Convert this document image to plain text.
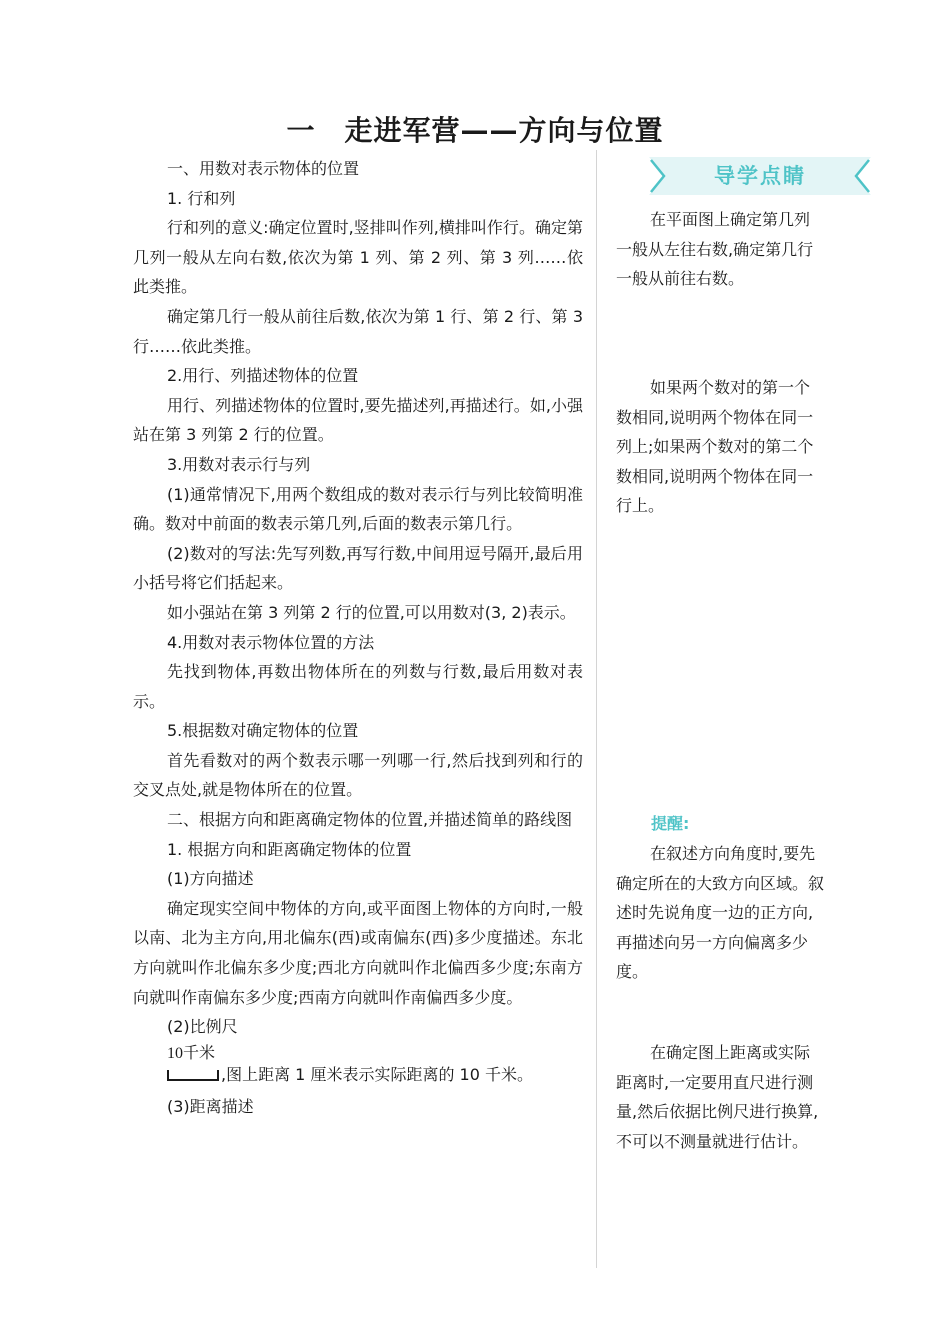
一　走进军营——方向与位置

一、用数对表示物体的位置

1. 行和列

行和列的意义:确定位置时,竖排叫作列,横排叫作行。确定第几列一般从左向右数,依次为第 1 列、第 2 列、第 3 列……依此类推。

确定第几行一般从前往后数,依次为第 1 行、第 2 行、第 3 行……依此类推。

2.用行、列描述物体的位置

用行、列描述物体的位置时,要先描述列,再描述行。如,小强站在第 3 列第 2 行的位置。

3.用数对表示行与列

(1)通常情况下,用两个数组成的数对表示行与列比较简明准确。数对中前面的数表示第几列,后面的数表示第几行。

(2)数对的写法:先写列数,再写行数,中间用逗号隔开,最后用小括号将它们括起来。

如小强站在第 3 列第 2 行的位置,可以用数对(3, 2)表示。

4.用数对表示物体位置的方法

先找到物体,再数出物体所在的列数与行数,最后用数对表示。

5.根据数对确定物体的位置

首先看数对的两个数表示哪一列哪一行,然后找到列和行的交叉点处,就是物体所在的位置。

二、根据方向和距离确定物体的位置,并描述简单的路线图

1. 根据方向和距离确定物体的位置

(1)方向描述

确定现实空间中物体的方向,或平面图上物体的方向时,一般以南、北为主方向,用北偏东(西)或南偏东(西)多少度描述。东北方向就叫作北偏东多少度;西北方向就叫作北偏西多少度;东南方向就叫作南偏东多少度;西南方向就叫作南偏西多少度。

(2)比例尺

10千米
,图上距离 1 厘米表示实际距离的 10 千米。

(3)距离描述

导学点睛

在平面图上确定第几列一般从左往右数,确定第几行一般从前往右数。

如果两个数对的第一个数相同,说明两个物体在同一列上;如果两个数对的第二个数相同,说明两个物体在同一行上。

提醒:

在叙述方向角度时,要先确定所在的大致方向区域。叙述时先说角度一边的正方向,再描述向另一方向偏离多少度。

在确定图上距离或实际距离时,一定要用直尺进行测量,然后依据比例尺进行换算,不可以不测量就进行估计。
